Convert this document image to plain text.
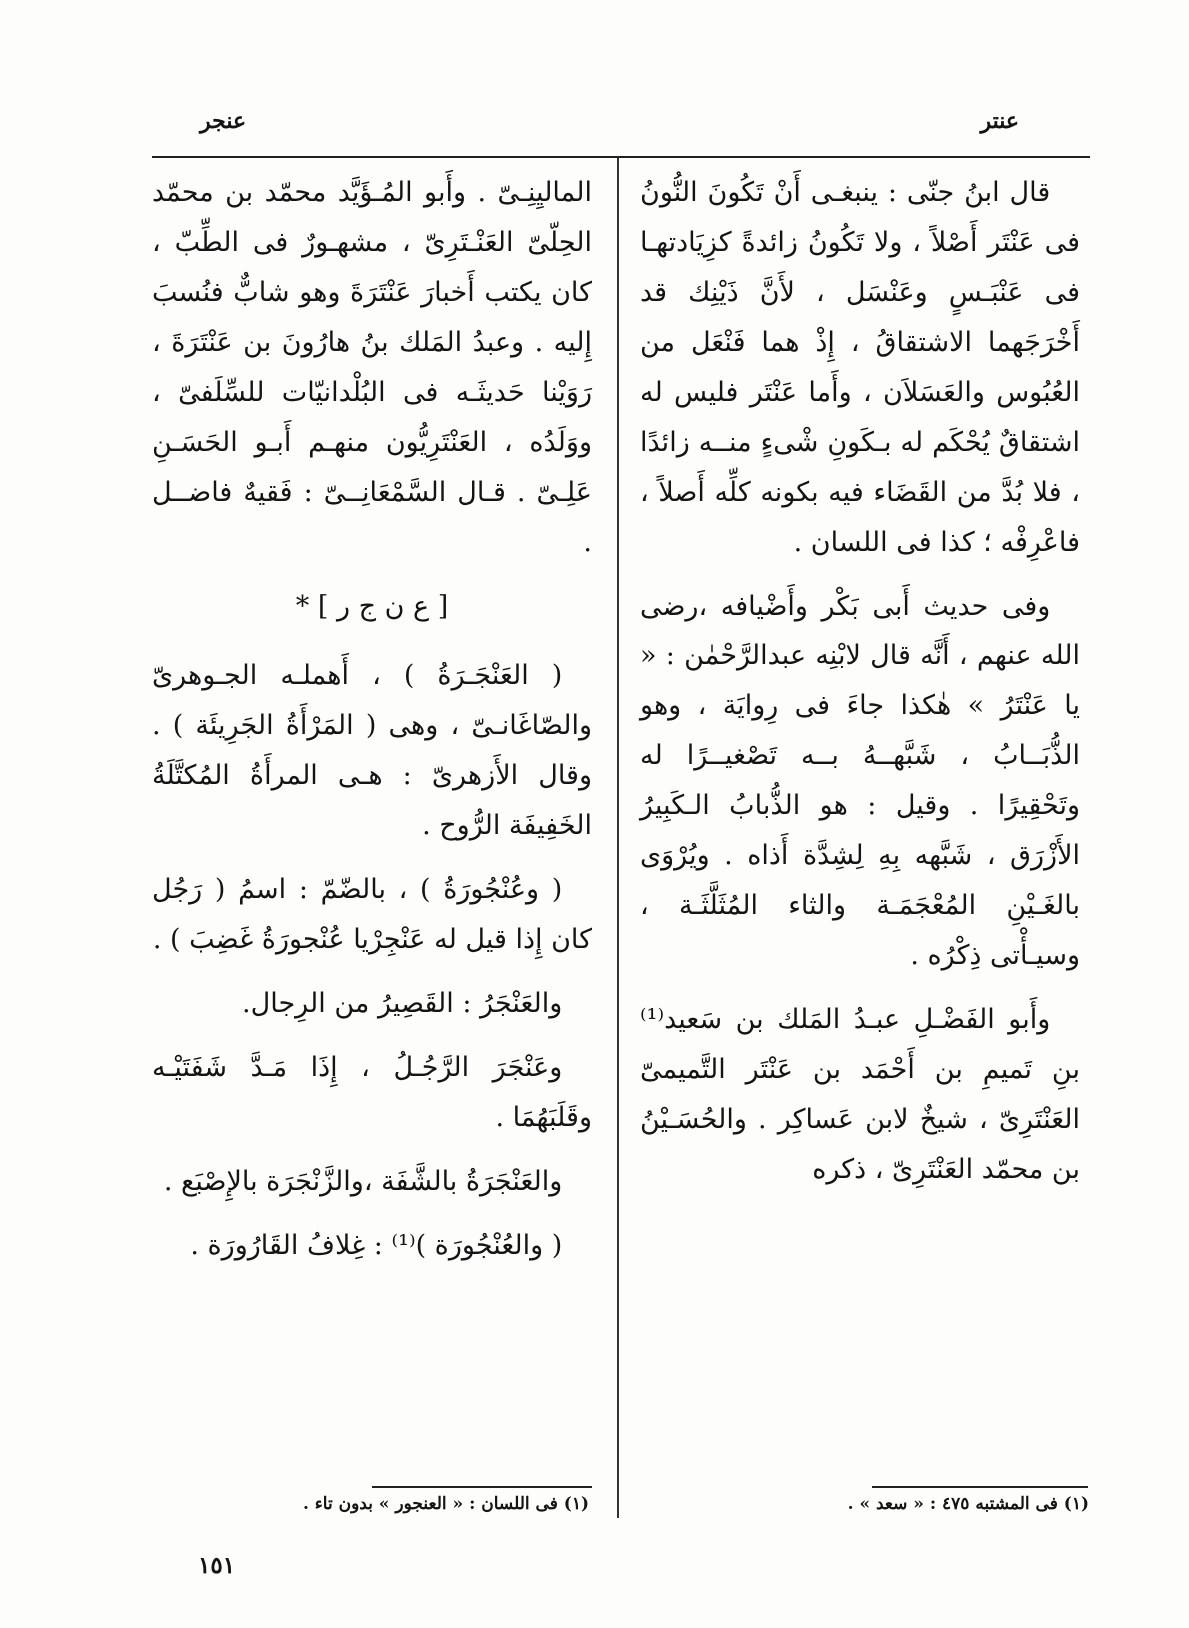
عنتر
عنجر

قال ابنُ جنّى : ينبغـى أَنْ تَكُونَ النُّونُ فى عَنْتَر أَصْلاً ، ولا تَكُونُ زائدةً كزِيَادتهـا فى عَنْبَـسٍ وعَنْسَل ، لأَنَّ ذَيْنِك قد أَخْرَجَهما الاشتقاقُ ، إِذْ هما فَنْعَل من العُبُوس والعَسَلاَن ، وأَما عَنْتَر فليس له اشتقاقٌ يُحْكَم له بـكَونِ شْىءٍ منــه زائدًا ، فلا بُدَّ من القَضَاء فيه بكونه كلِّه أَصلاً ، فاعْرِفْه ؛ كذا فى اللسان .

وفى حديث أَبى بَكْر وأَضْيافه ،رضى الله عنهم ، أَنَّه قال لابْنِه عبدالرَّحْمٰن : « يا عَنْتَرُ » هٰكذا جاءَ فى رِوايَة ، وهو الذُّبَــابُ ، شَبَّهــهُ بــه تَصْغيــرًا له وتَحْقِيرًا . وقيل : هو الذُّبابُ الـكَبِيرُ الأَزْرَق ، شَبَّهه بِهِ لِشِدَّة أَذاه . ويُرْوَى بالغَـيْنِ المُعْجَمَـة والثاء المُثَلَّثَـة ، وسيـأْتى ذِكْرُه .

وأَبو الفَضْـلِ عبـدُ المَلك بن سَعيد⁽¹⁾ بنِ تَميمِ بن أَحْمَد بن عَنْتَر التَّميمىّ العَنْتَرِىّ ، شيخٌ لابن عَساكِر . والحُسَـيْنُ بن محمّد العَنْتَرِىّ ، ذكره

الماليِنِـىّ . وأَبو المُـؤَيَّد محمّد بن محمّد الحِلّىّ العَنْـتَرِىّ ، مشهـورٌ فى الطِّبّ ، كان يكتب أَخبارَ عَنْتَرَةَ وهو شابٌّ فنُسبَ إِليه . وعبدُ المَلك بنُ هارُونَ بن عَنْتَرَةَ ، رَوَيْنا حَديثَـه فى البُلْدانيّات للسِّلَفىّ ، ووَلَدُه ، العَنْتَرِيُّون منهـم أَبـو الحَسَـنِ عَلِـىّ . قـال السَّمْعَانِــىّ : فَقيهٌ فاضــل .

[ ع ن ج ر ] *

( العَنْجَـرَةُ ) ، أَهملـه الجـوهرىّ والصّاغَانـىّ ، وهى ( المَرْأَةُ الجَرِيئَة ) . وقال الأَزهرىّ : هـى المرأَةُ المُكتَّلَةُ الخَفِيفَة الرُّوح .

( وعُنْجُورَةُ ) ، بالضّمّ : اسمُ ( رَجُل كان إِذا قيل له عَنْجِرْيا عُنْجورَةُ غَضِبَ ) .

والعَنْجَرُ : القَصِيرُ من الرِجال.

وعَنْجَرَ الرَّجُـلُ ، إِذَا مَـدَّ شَفَتَيْـه وقَلَبَهُمَا .

والعَنْجَرَةُ بالشَّفَة ،والزَّنْجَرَة بالإِصْبَع .

( والعُنْجُورَة )⁽¹⁾ : غِلافُ القَارُورَة .

(١) فى المشتبه ٤٧٥ : « سعد » .
(١) فى اللسان : « العنجور » بدون تاء .
١٥١
